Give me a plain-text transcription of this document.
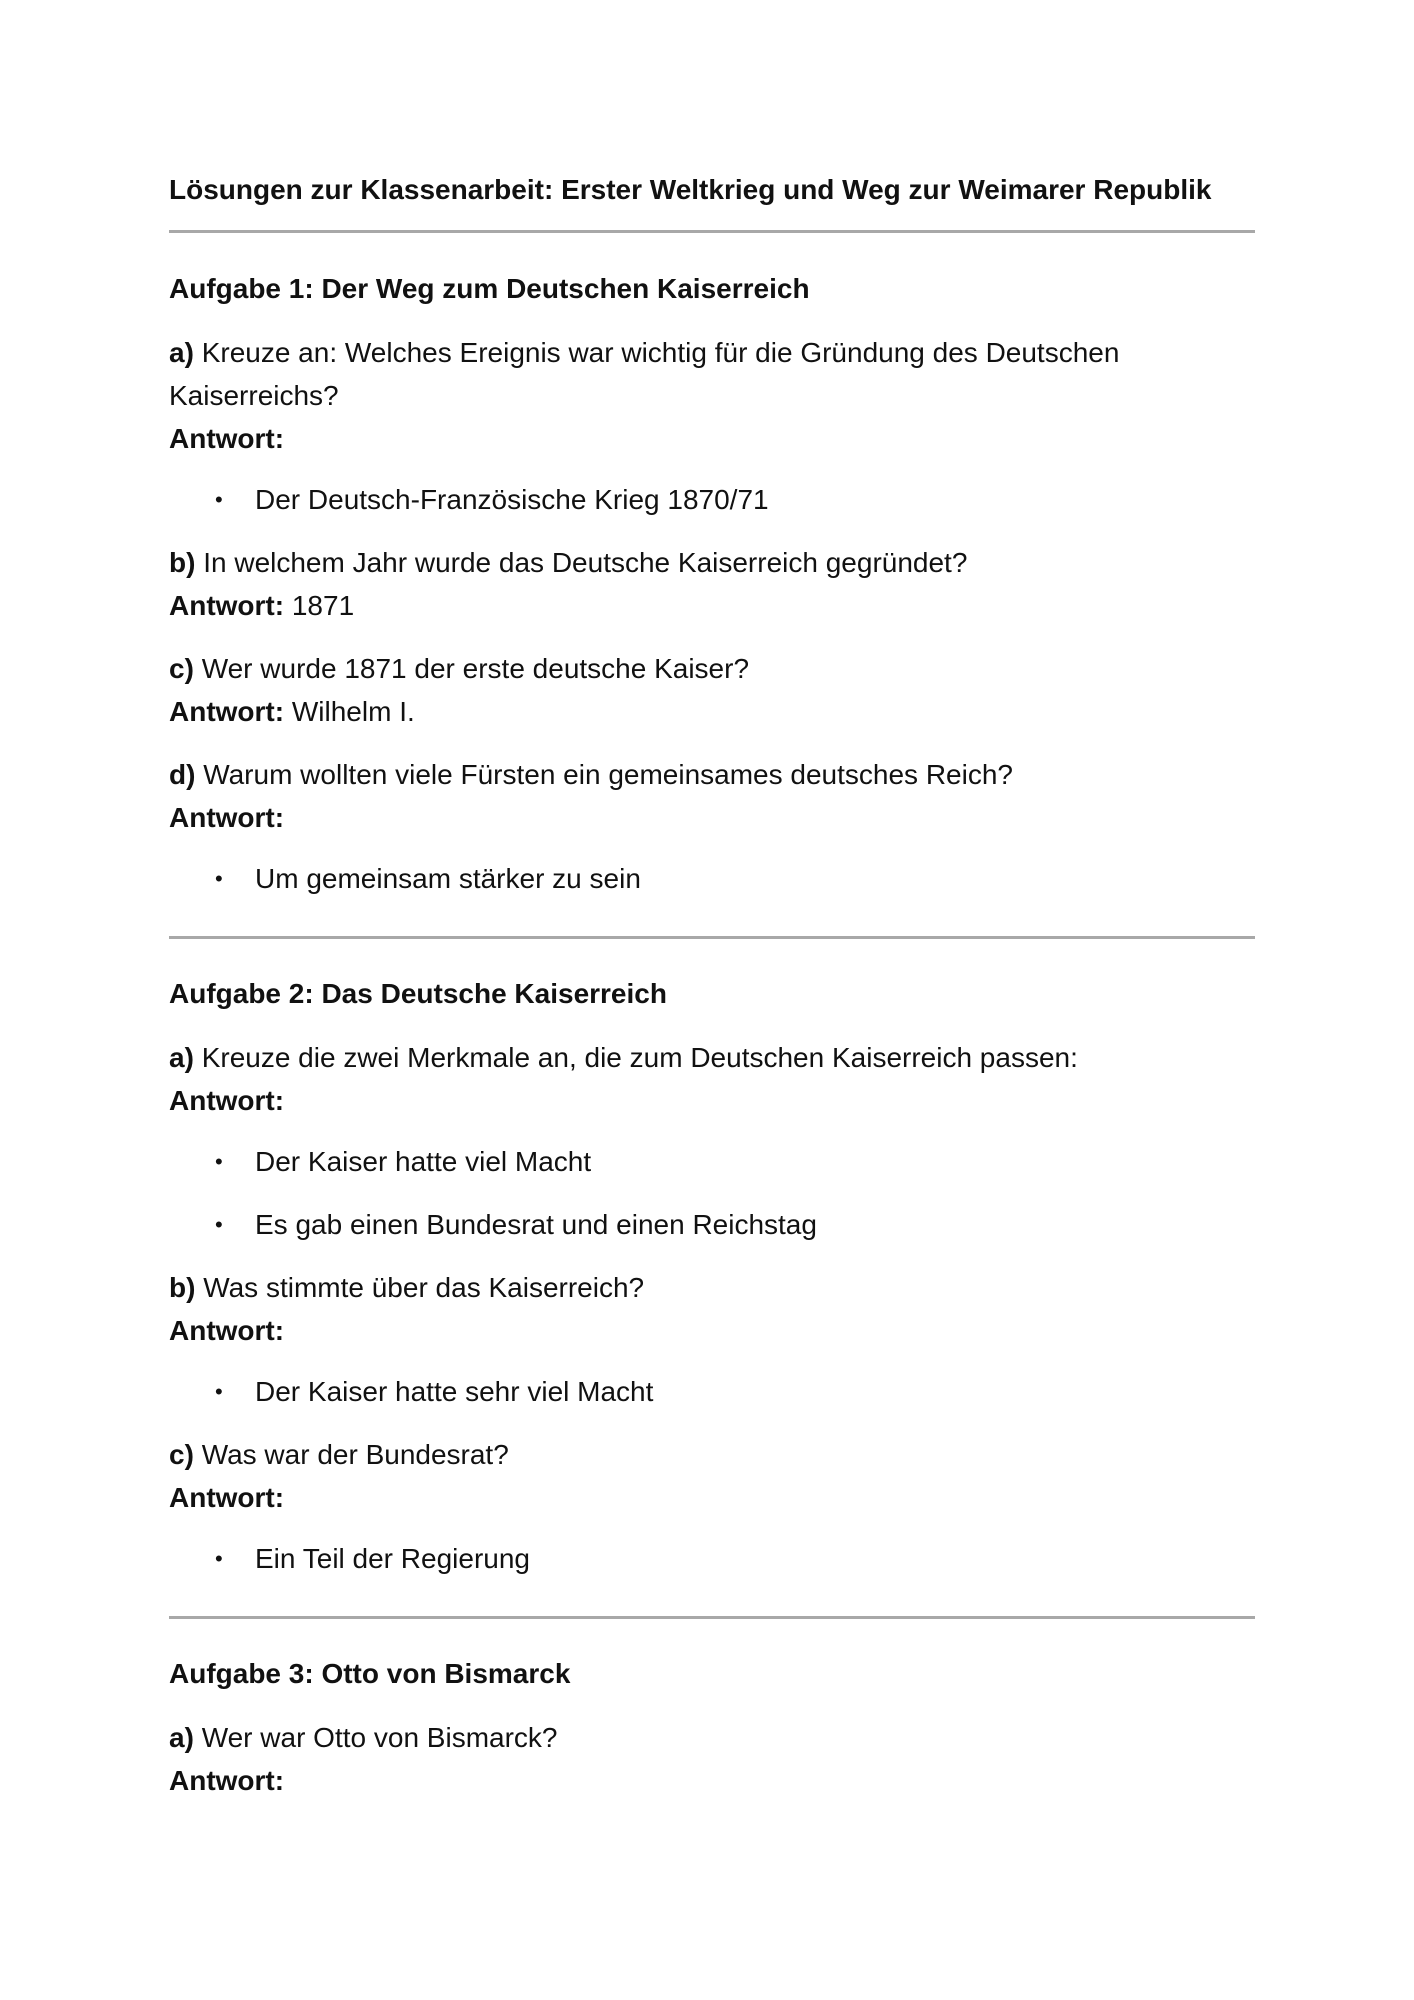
Lösungen zur Klassenarbeit: Erster Weltkrieg und Weg zur Weimarer Republik

Aufgabe 1: Der Weg zum Deutschen Kaiserreich

a) Kreuze an: Welches Ereignis war wichtig für die Gründung des Deutschen
Kaiserreichs?
Antwort:

• Der Deutsch-Französische Krieg 1870/71

b) In welchem Jahr wurde das Deutsche Kaiserreich gegründet?
Antwort: 1871

c) Wer wurde 1871 der erste deutsche Kaiser?
Antwort: Wilhelm I.

d) Warum wollten viele Fürsten ein gemeinsames deutsches Reich?
Antwort:

• Um gemeinsam stärker zu sein

Aufgabe 2: Das Deutsche Kaiserreich

a) Kreuze die zwei Merkmale an, die zum Deutschen Kaiserreich passen:
Antwort:

• Der Kaiser hatte viel Macht
• Es gab einen Bundesrat und einen Reichstag

b) Was stimmte über das Kaiserreich?
Antwort:

• Der Kaiser hatte sehr viel Macht

c) Was war der Bundesrat?
Antwort:

• Ein Teil der Regierung

Aufgabe 3: Otto von Bismarck

a) Wer war Otto von Bismarck?
Antwort:
